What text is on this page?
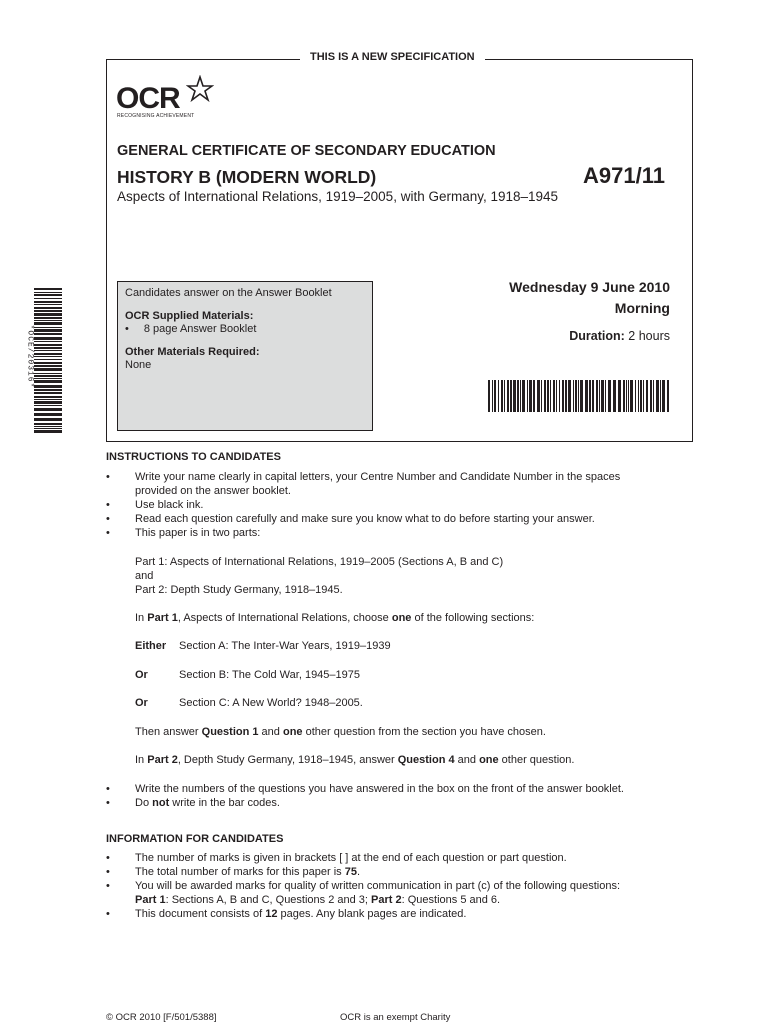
THIS IS A NEW SPECIFICATION
OCR
RECOGNISING ACHIEVEMENT
GENERAL CERTIFICATE OF SECONDARY EDUCATION
HISTORY B (MODERN WORLD)	A971/11
Aspects of International Relations, 1919–2005, with Germany, 1918–1945
Candidates answer on the Answer Booklet
OCR Supplied Materials:
• 8 page Answer Booklet
Other Materials Required:
None
Wednesday 9 June 2010
Morning
Duration: 2 hours
*OCE/20316*
INSTRUCTIONS TO CANDIDATES
• Write your name clearly in capital letters, your Centre Number and Candidate Number in the spaces provided on the answer booklet.
• Use black ink.
• Read each question carefully and make sure you know what to do before starting your answer.
• This paper is in two parts:
Part 1: Aspects of International Relations, 1919–2005 (Sections A, B and C)
and
Part 2: Depth Study Germany, 1918–1945.
In Part 1, Aspects of International Relations, choose one of the following sections:
Either Section A: The Inter-War Years, 1919–1939
Or	Section B: The Cold War, 1945–1975
Or	Section C: A New World? 1948–2005.
Then answer Question 1 and one other question from the section you have chosen.
In Part 2, Depth Study Germany, 1918–1945, answer Question 4 and one other question.
• Write the numbers of the questions you have answered in the box on the front of the answer booklet.
• Do not write in the bar codes.
INFORMATION FOR CANDIDATES
• The number of marks is given in brackets [ ] at the end of each question or part question.
• The total number of marks for this paper is 75.
• You will be awarded marks for quality of written communication in part (c) of the following questions:
Part 1: Sections A, B and C, Questions 2 and 3; Part 2: Questions 5 and 6.
• This document consists of 12 pages. Any blank pages are indicated.
© OCR 2010 [F/501/5388]	OCR is an exempt Charity
